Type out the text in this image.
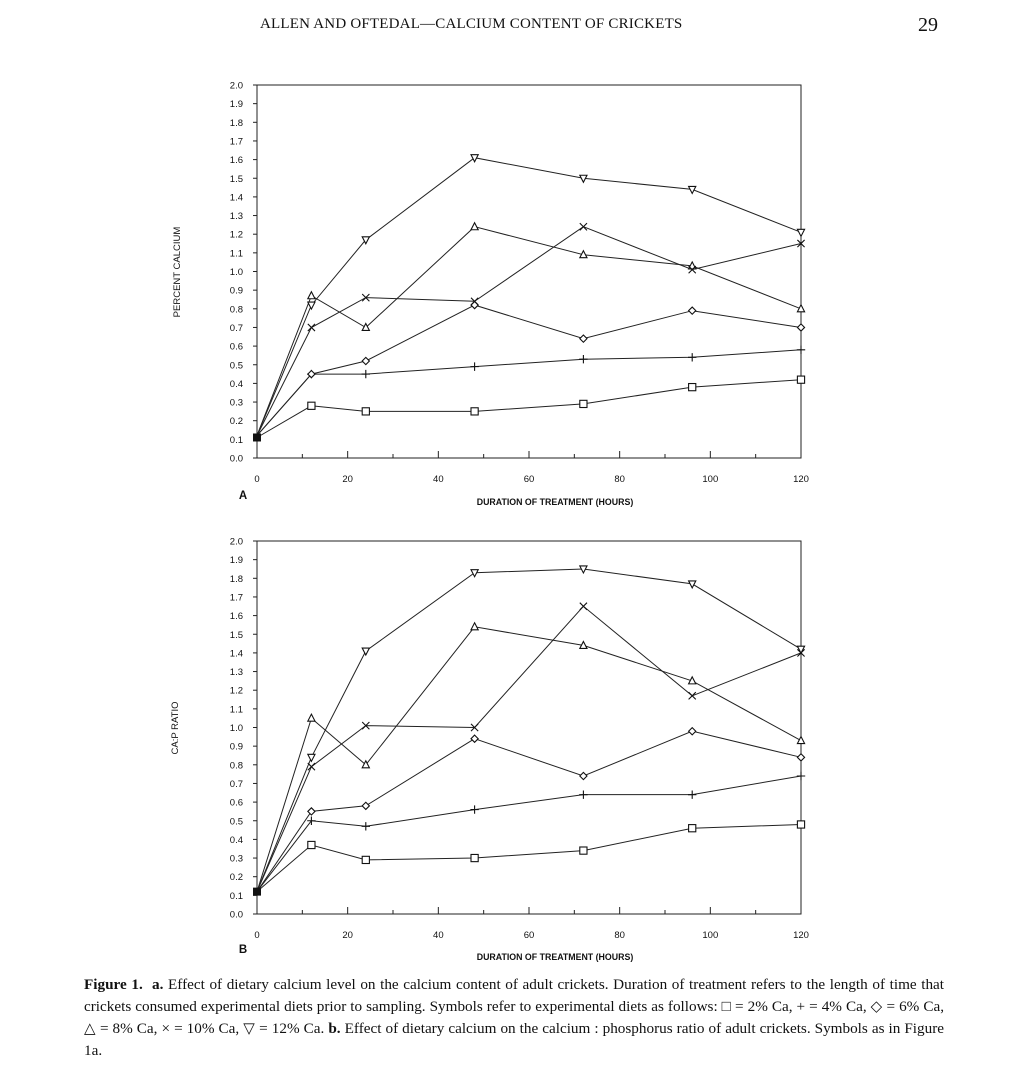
ALLEN AND OFTEDAL—CALCIUM CONTENT OF CRICKETS	29
0.0
0.1
0.2
0.3
0.4
0.5
0.6
0.7
0.8
0.9
1.0
1.1
1.2
1.3
1.4
1.5
1.6
1.7
1.8
1.9
2.0
0	20	40	60	80	100	120
DURATION OF TREATMENT (HOURS)
PERCENT CALCIUM
A
0.0
0.1
0.2
0.3
0.4
0.5
0.6
0.7
0.8
0.9
1.0
1.1
1.2
1.3
1.4
1.5
1.6
1.7
1.8
1.9
2.0
0	20	40	60	80	100	120
DURATION OF TREATMENT (HOURS)
CA:P RATIO
B

Figure 1. a. Effect of dietary calcium level on the calcium content of adult crickets. Duration of treatment refers to the length of time that crickets consumed experimental diets prior to sampling. Symbols refer to experimental diets as follows: □ = 2% Ca, + = 4% Ca, ◇ = 6% Ca, △ = 8% Ca, × = 10% Ca, ▽ = 12% Ca. b. Effect of dietary calcium on the calcium : phosphorus ratio of adult crickets. Symbols as in Figure 1a.
